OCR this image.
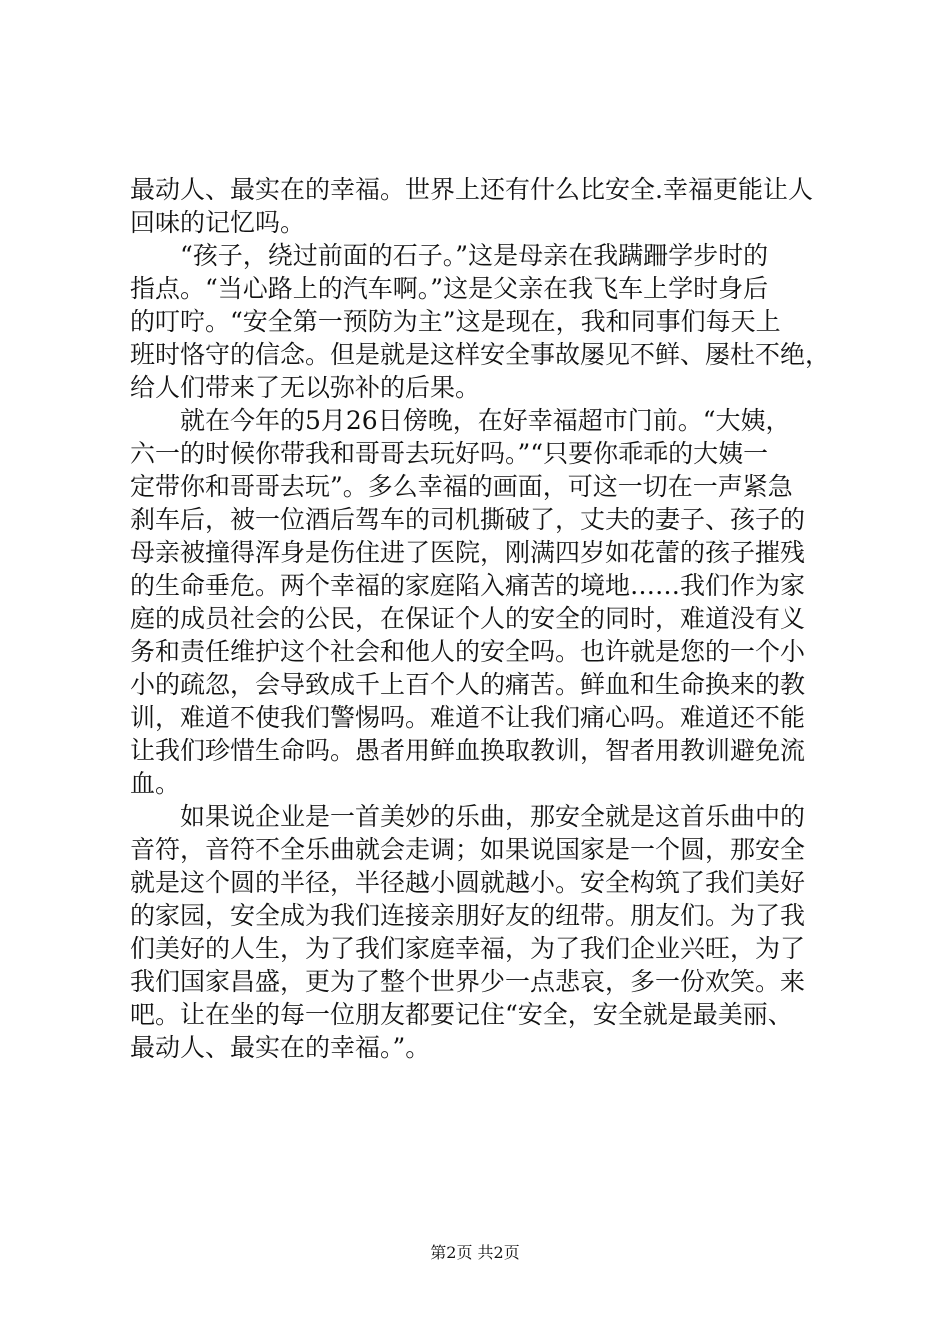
最动人、最实在的幸福。世界上还有什么比安全.幸福更能让人
回味的记忆吗。
　　“孩子，绕过前面的石子。”这是母亲在我蹒跚学步时的
指点。“当心路上的汽车啊。”这是父亲在我飞车上学时身后
的叮咛。“安全第一预防为主”这是现在，我和同事们每天上
班时恪守的信念。但是就是这样安全事故屡见不鲜、屡杜不绝，
给人们带来了无以弥补的后果。
　　就在今年的5月26日傍晚，在好幸福超市门前。“大姨，
六一的时候你带我和哥哥去玩好吗。”“只要你乖乖的大姨一
定带你和哥哥去玩”。多么幸福的画面，可这一切在一声紧急
刹车后，被一位酒后驾车的司机撕破了，丈夫的妻子、孩子的
母亲被撞得浑身是伤住进了医院，刚满四岁如花蕾的孩子摧残
的生命垂危。两个幸福的家庭陷入痛苦的境地……我们作为家
庭的成员社会的公民，在保证个人的安全的同时，难道没有义
务和责任维护这个社会和他人的安全吗。也许就是您的一个小
小的疏忽，会导致成千上百个人的痛苦。鲜血和生命换来的教
训，难道不使我们警惕吗。难道不让我们痛心吗。难道还不能
让我们珍惜生命吗。愚者用鲜血换取教训，智者用教训避免流
血。
　　如果说企业是一首美妙的乐曲，那安全就是这首乐曲中的
音符，音符不全乐曲就会走调；如果说国家是一个圆，那安全
就是这个圆的半径，半径越小圆就越小。安全构筑了我们美好
的家园，安全成为我们连接亲朋好友的纽带。朋友们。为了我
们美好的人生，为了我们家庭幸福，为了我们企业兴旺，为了
我们国家昌盛，更为了整个世界少一点悲哀，多一份欢笑。来
吧。让在坐的每一位朋友都要记住“安全，安全就是最美丽、
最动人、最实在的幸福。”。
第2页 共2页
